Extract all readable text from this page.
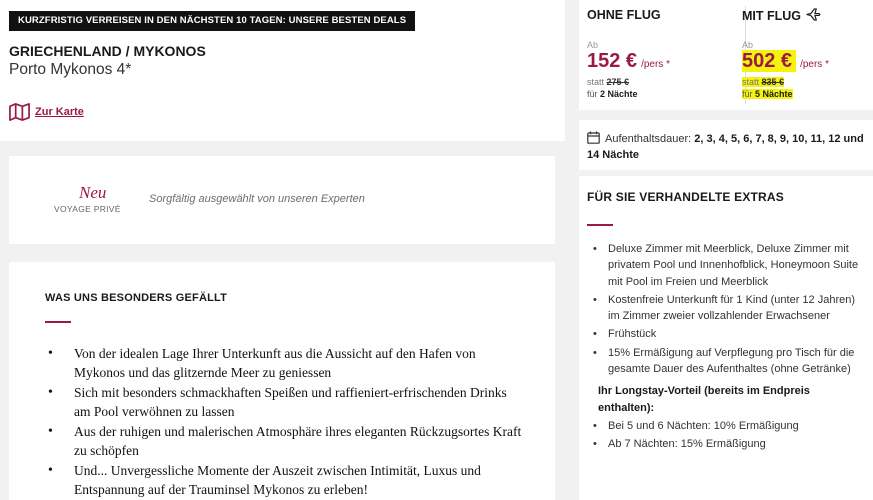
KURZFRISTIG VERREISEN IN DEN NÄCHSTEN 10 TAGEN: UNSERE BESTEN DEALS
GRIECHENLAND / MYKONOS
Porto Mykonos 4*
Zur Karte
Neu
VOYAGE PRIVÉ
Sorgfältig ausgewählt von unseren Experten
WAS UNS BESONDERS GEFÄLLT
• Von der idealen Lage Ihrer Unterkunft aus die Aussicht auf den Hafen von Mykonos und das glitzernde Meer zu geniessen
• Sich mit besonders schmackhaften Speißen und raffieniert-erfrischenden Drinks am Pool verwöhnen zu lassen
• Aus der ruhigen und malerischen Atmosphäre ihres eleganten Rückzugsortes Kraft zu schöpfen
• Und... Unvergessliche Momente der Auszeit zwischen Intimität, Luxus und Entspannung auf der Trauminsel Mykonos zu erleben!
OHNE FLUG
Ab
152 € /pers *
statt 275 €
für 2 Nächte
MIT FLUG
Ab
502 € /pers *
statt 835 €
für 5 Nächte
Aufenthaltsdauer: 2, 3, 4, 5, 6, 7, 8, 9, 10, 11, 12 und 14 Nächte
FÜR SIE VERHANDELTE EXTRAS
• Deluxe Zimmer mit Meerblick, Deluxe Zimmer mit privatem Pool und Innenhofblick, Honeymoon Suite mit Pool im Freien und Meerblick
• Kostenfreie Unterkunft für 1 Kind (unter 12 Jahren) im Zimmer zweier vollzahlender Erwachsener
• Frühstück
• 15% Ermäßigung auf Verpflegung pro Tisch für die gesamte Dauer des Aufenthaltes (ohne Getränke)
Ihr Longstay-Vorteil (bereits im Endpreis enthalten):
• Bei 5 und 6 Nächten: 10% Ermäßigung
• Ab 7 Nächten: 15% Ermäßigung
